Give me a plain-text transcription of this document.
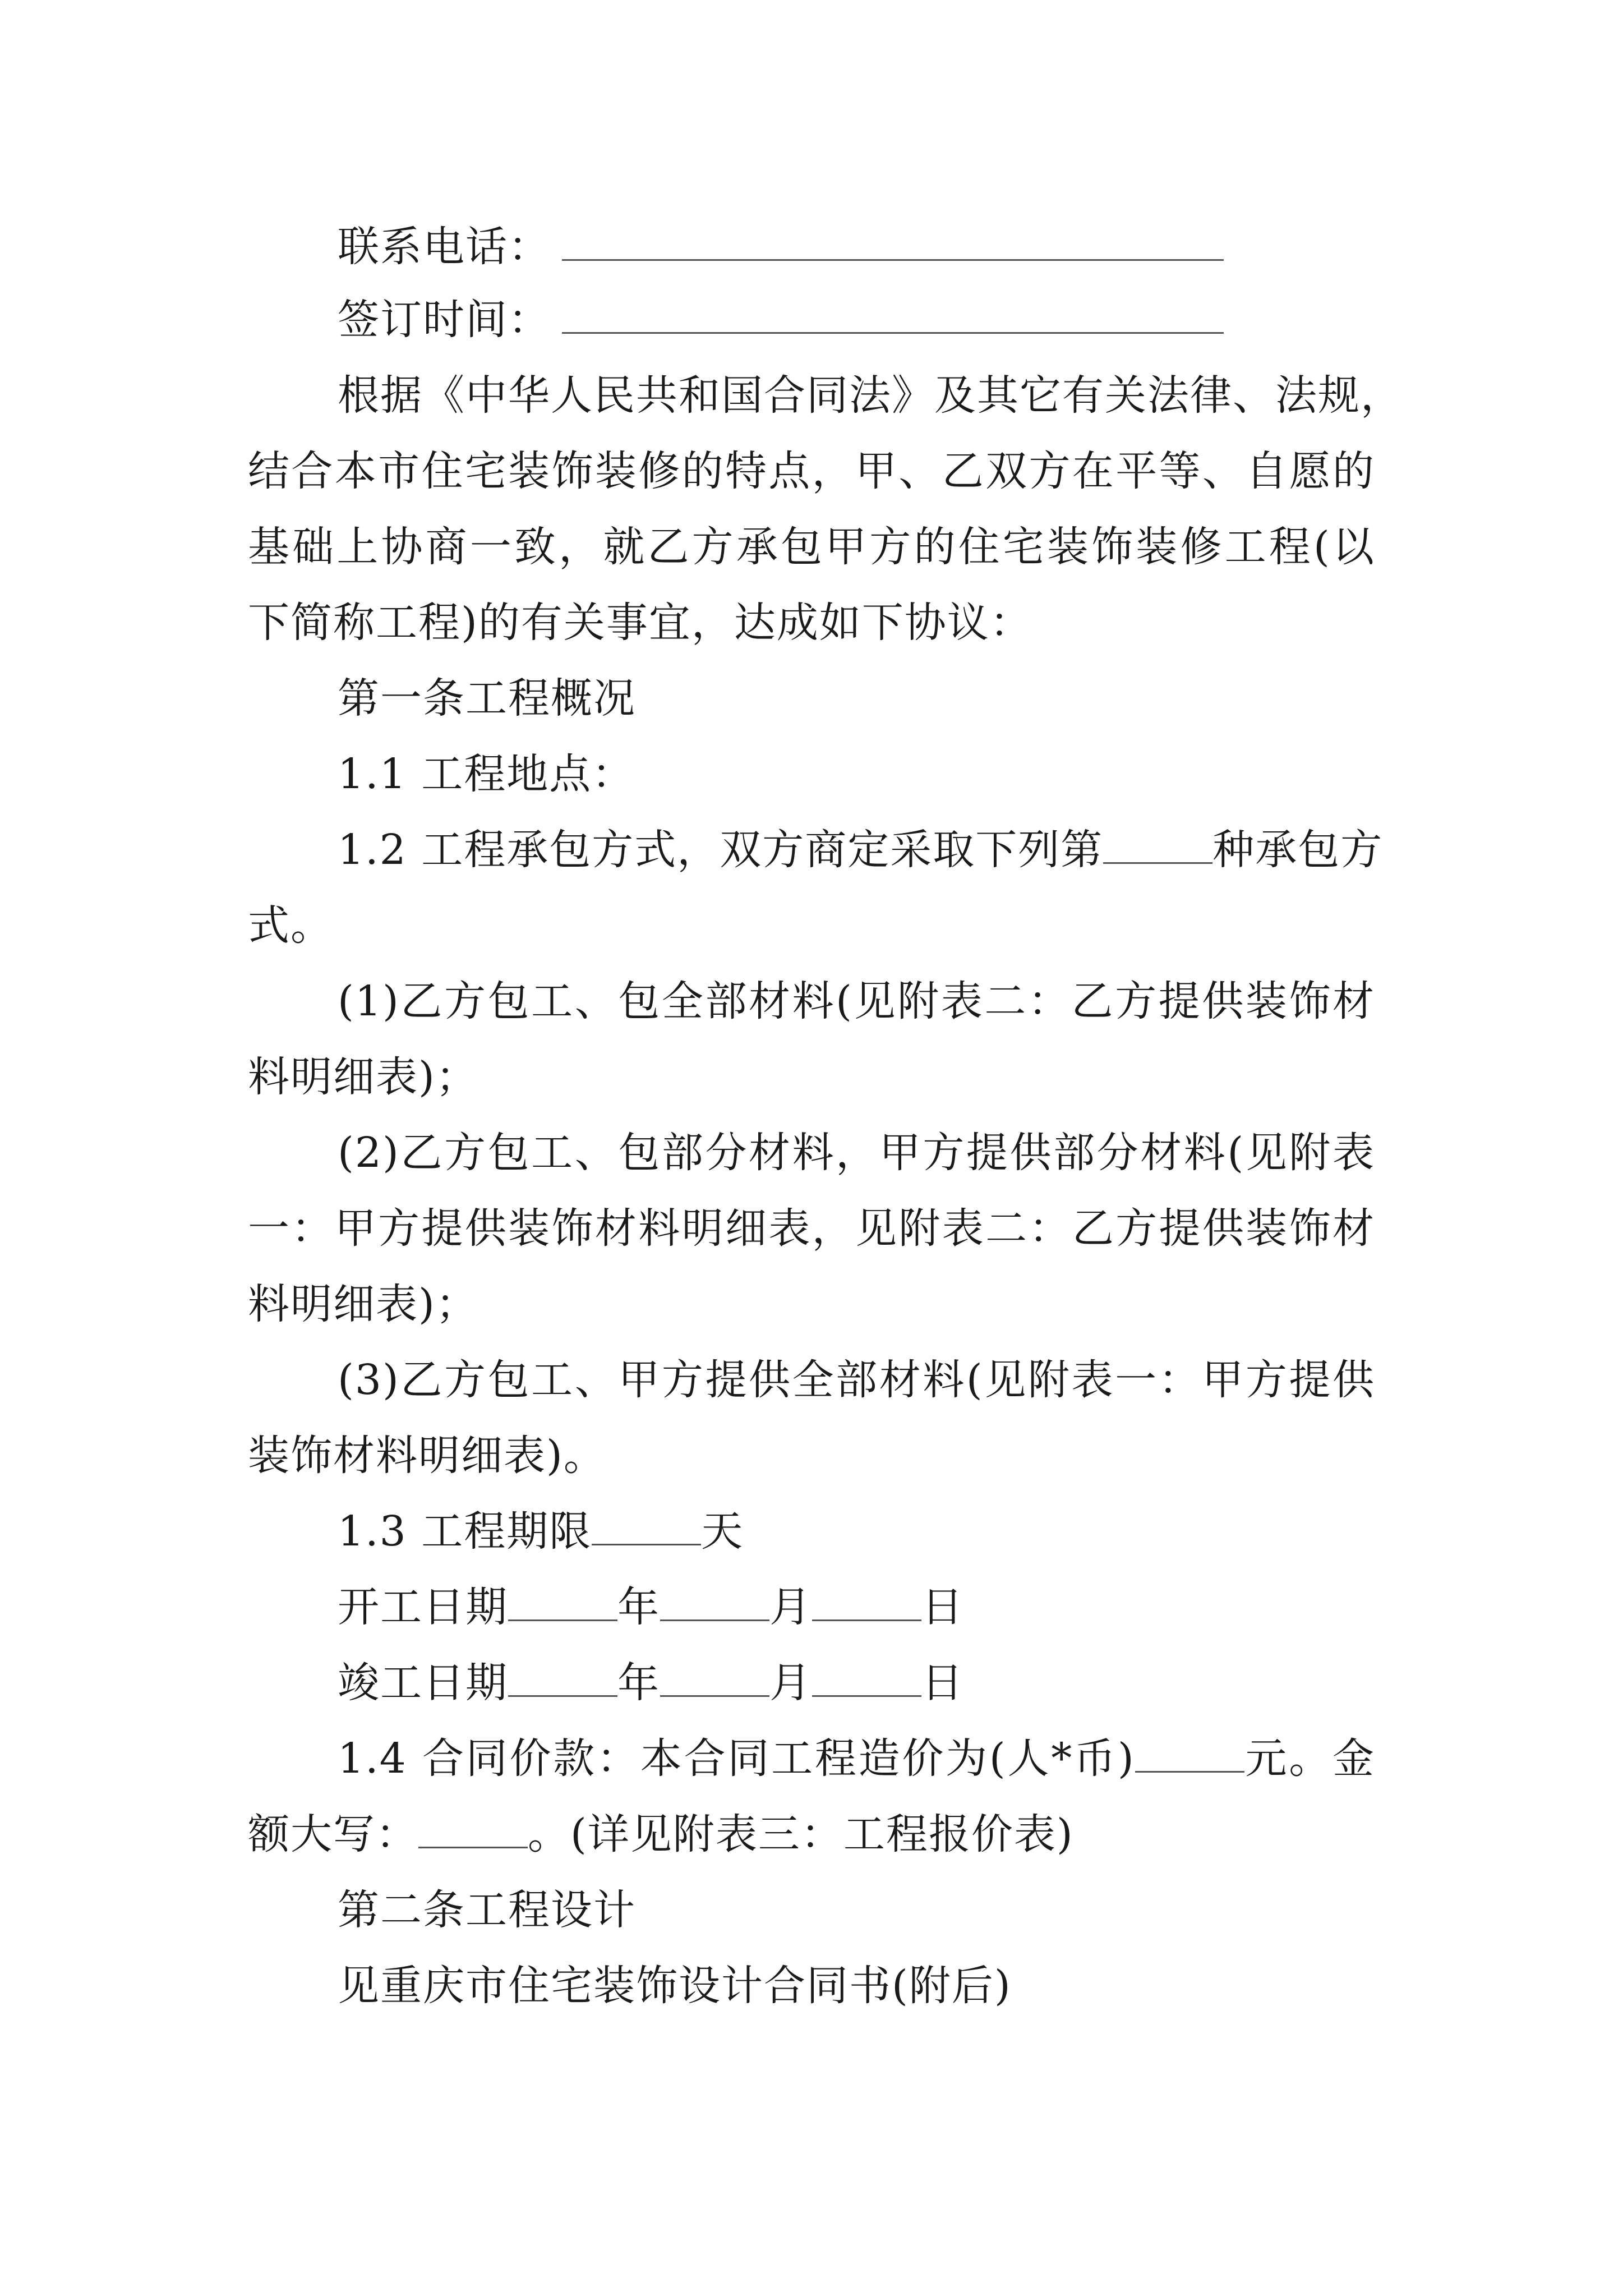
联系电话：
签订时间：
根据《中华人民共和国合同法》及其它有关法律、法规，
结合本市住宅装饰装修的特点，甲、乙双方在平等、自愿的
基础上协商一致，就乙方承包甲方的住宅装饰装修工程(以
下简称工程)的有关事宜，达成如下协议：
第一条工程概况
1.1 工程地点：
1.2 工程承包方式，双方商定采取下列第	种承包方
式。
(1)乙方包工、包全部材料(见附表二：乙方提供装饰材
料明细表)；
(2)乙方包工、包部分材料，甲方提供部分材料(见附表
一：甲方提供装饰材料明细表，见附表二：乙方提供装饰材
料明细表)；
(3)乙方包工、甲方提供全部材料(见附表一：甲方提供
装饰材料明细表)。
1.3 工程期限	天
开工日期	年	月	日
竣工日期	年	月	日
1.4 合同价款：本合同工程造价为(人*币)	元。金
额大写：	。(详见附表三：工程报价表)
第二条工程设计
见重庆市住宅装饰设计合同书(附后)
